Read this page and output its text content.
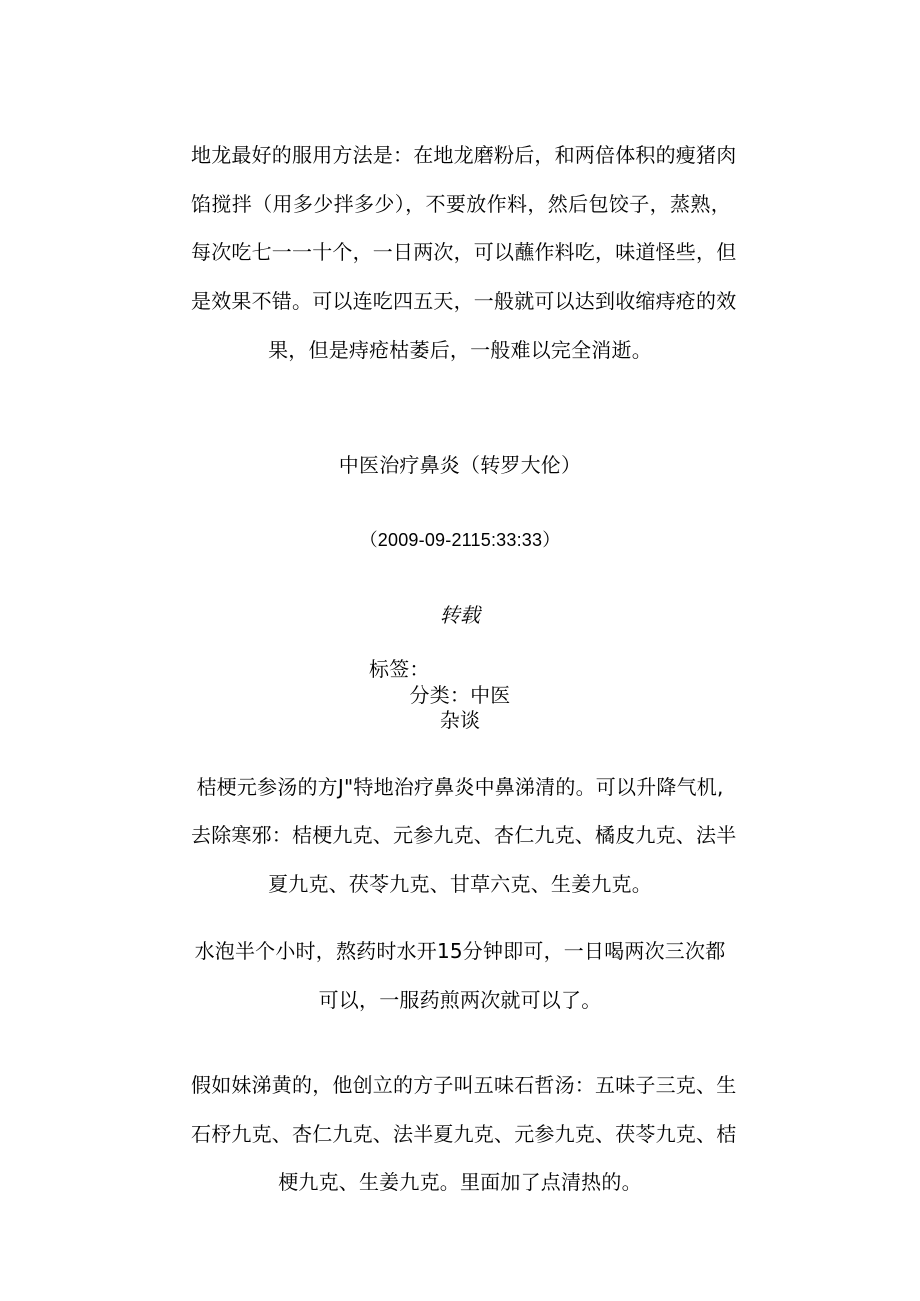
地龙最好的服用方法是：在地龙磨粉后，和两倍体积的瘦猪肉
馅搅拌（用多少拌多少），不要放作料，然后包饺子，蒸熟，
每次吃七一一十个，一日两次，可以蘸作料吃，味道怪些，但
是效果不错。可以连吃四五天，一般就可以达到收缩痔疮的效
果，但是痔疮枯萎后，一般难以完全消逝。
中医治疗鼻炎（转罗大伦）
（2009-09-2115:33:33）
转载
标签：
分类：中医
杂谈
桔梗元参汤的方J"特地治疗鼻炎中鼻涕清的。可以升降气机,
去除寒邪：桔梗九克、元参九克、杏仁九克、橘皮九克、法半
夏九克、茯苓九克、甘草六克、生姜九克。
水泡半个小时，熬药时水开15分钟即可，一日喝两次三次都
可以，一服药煎两次就可以了。
假如妹涕黄的，他创立的方子叫五味石哲汤：五味子三克、生
石杼九克、杏仁九克、法半夏九克、元参九克、茯苓九克、桔
梗九克、生姜九克。里面加了点清热的。
